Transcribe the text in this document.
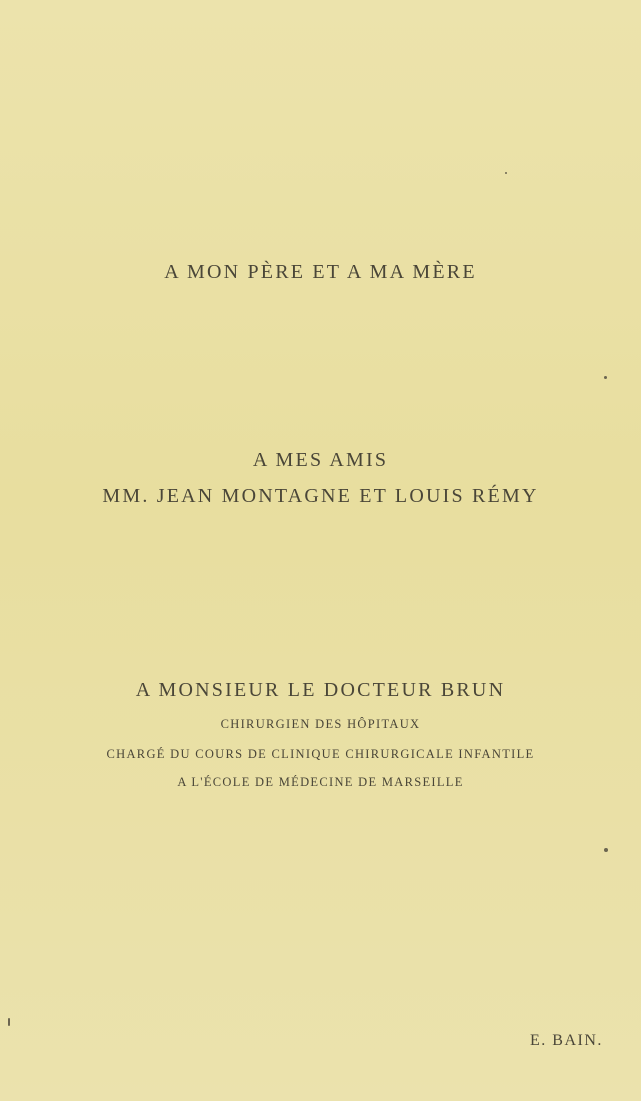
A MON PÈRE ET A MA MÈRE

A MES AMIS

MM. JEAN MONTAGNE ET LOUIS RÉMY

A MONSIEUR LE DOCTEUR BRUN

CHIRURGIEN DES HÔPITAUX

CHARGÉ DU COURS DE CLINIQUE CHIRURGICALE INFANTILE

A L'ÉCOLE DE MÉDECINE DE MARSEILLE

E. BAIN.
